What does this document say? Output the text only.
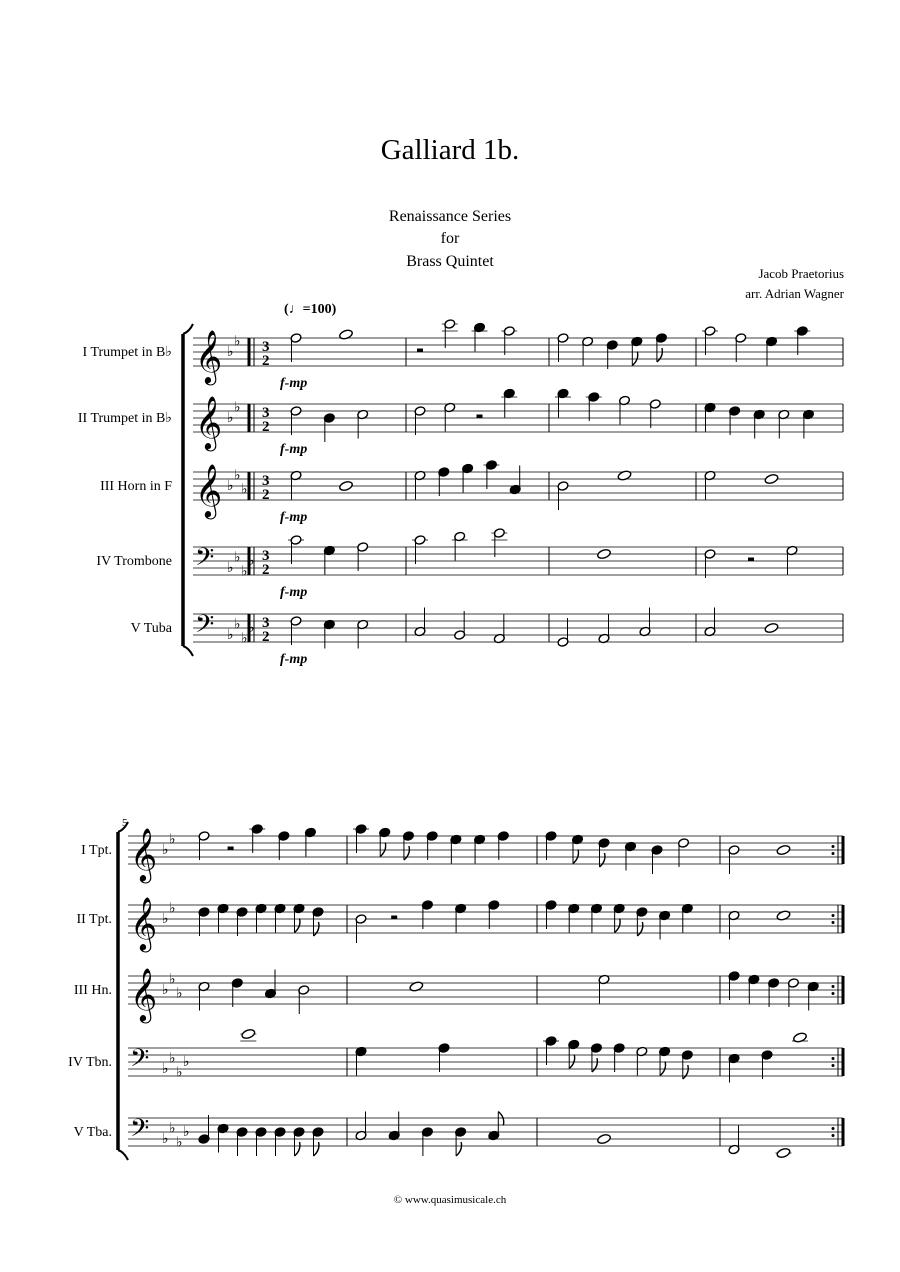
Galliard 1b.
Renaissance Series
for
Brass Quintet
Jacob Praetorius
arr. Adrian Wagner
(♩=100)
© www.quasimusicale.ch
I Trumpet in B♭ 𝄞 ♭
♭ 3
2
f-mp
II Trumpet in B♭ 𝄞 ♭
♭ 3
2
f-mp
III Horn in F 𝄞 ♭
♭
♭
3
2
f-mp
IV Trombone 𝄢 ♭
♭
♭
♭ 3
2
f-mp
V Tuba 𝄢 ♭
♭
♭
♭ 3
2
f-mp
5
I Tpt. 𝄞 ♭
♭
II Tpt. 𝄞 ♭
♭
III Hn. 𝄞 ♭
♭
♭
IV Tbn. 𝄢 ♭
♭
♭
♭
V Tba. 𝄢 ♭
♭
♭
♭
